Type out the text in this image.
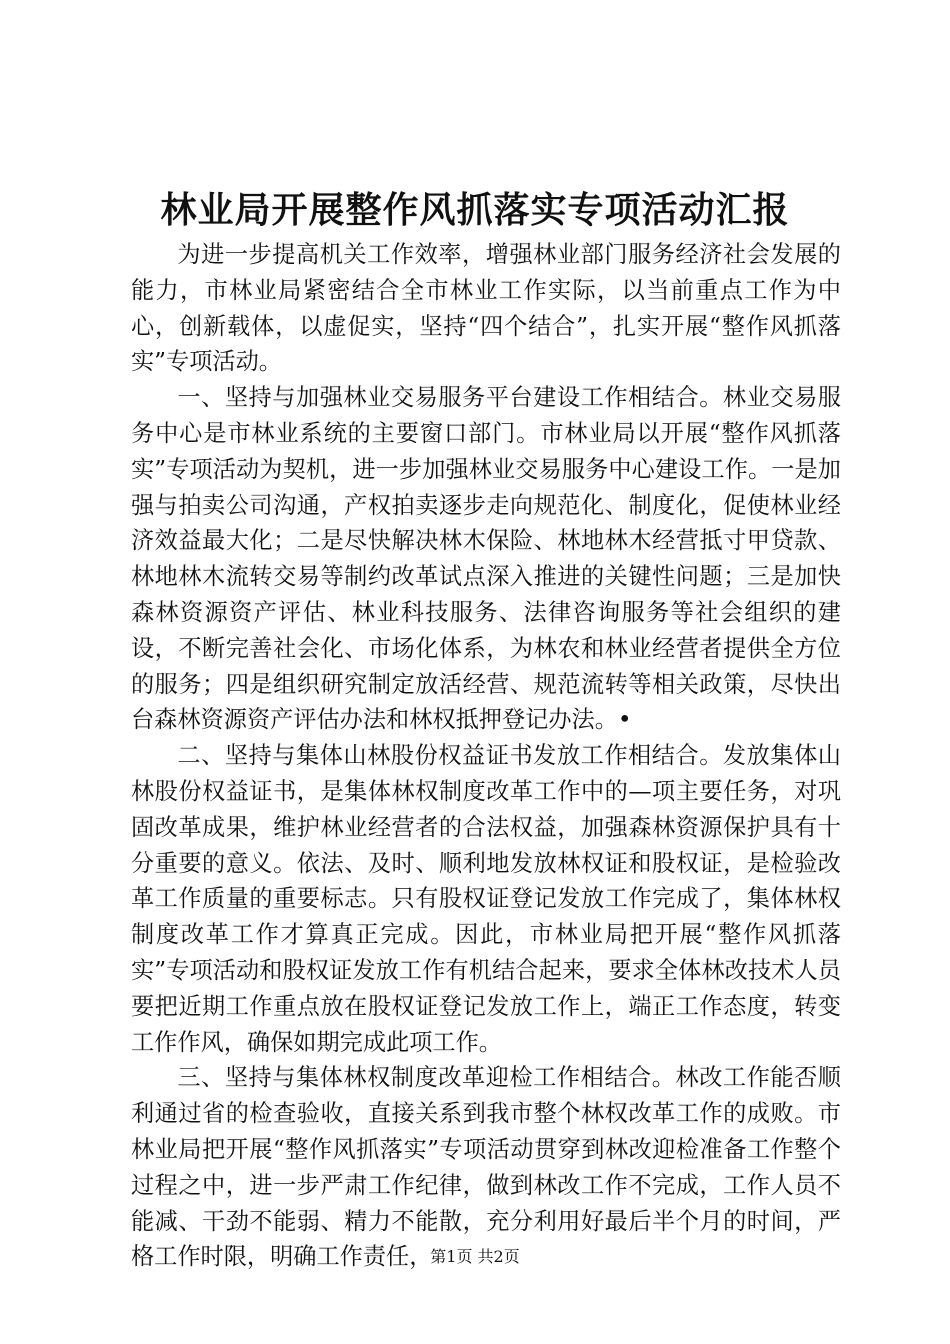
林业局开展整作风抓落实专项活动汇报

为进一步提高机关工作效率，增强林业部门服务经济社会发展的能力，市林业局紧密结合全市林业工作实际，以当前重点工作为中心，创新载体，以虚促实，坚持“四个结合”，扎实开展“整作风抓落实”专项活动。

一、坚持与加强林业交易服务平台建设工作相结合。林业交易服务中心是市林业系统的主要窗口部门。市林业局以开展“整作风抓落实”专项活动为契机，进一步加强林业交易服务中心建设工作。一是加强与拍卖公司沟通，产权拍卖逐步走向规范化、制度化，促使林业经济效益最大化；二是尽快解决林木保险、林地林木经营抵寸甲贷款、林地林木流转交易等制约改革试点深入推进的关键性问题；三是加快森林资源资产评估、林业科技服务、法律咨询服务等社会组织的建设，不断完善社会化、市场化体系，为林农和林业经营者提供全方位的服务；四是组织研究制定放活经营、规范流转等相关政策，尽快出台森林资源资产评估办法和林权抵押登记办法。•

二、坚持与集体山林股份权益证书发放工作相结合。发放集体山林股份权益证书，是集体林权制度改革工作中的—项主要任务，对巩固改革成果，维护林业经营者的合法权益，加强森林资源保护具有十分重要的意义。依法、及时、顺利地发放林权证和股权证，是检验改革工作质量的重要标志。只有股权证登记发放工作完成了，集体林权制度改革工作才算真正完成。因此，市林业局把开展“整作风抓落实”专项活动和股权证发放工作有机结合起来，要求全体林改技术人员要把近期工作重点放在股权证登记发放工作上，端正工作态度，转变工作作风，确保如期完成此项工作。

三、坚持与集体林权制度改革迎检工作相结合。林改工作能否顺利通过省的检查验收，直接关系到我市整个林权改革工作的成败。市林业局把开展“整作风抓落实”专项活动贯穿到林改迎检准备工作整个过程之中，进一步严肃工作纪律，做到林改工作不完成，工作人员不能减、干劲不能弱、精力不能散，充分利用好最后半个月的时间，严格工作时限，明确工作责任，

第1页 共2页
